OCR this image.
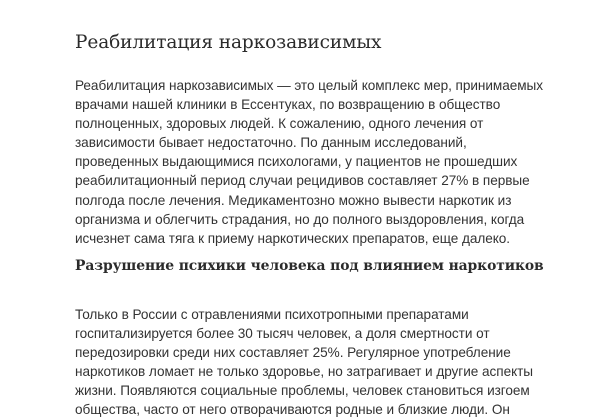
Реабилитация наркозависимых

Реабилитация наркозависимых — это целый комплекс мер, принимаемых врачами нашей клиники в Ессентуках, по возвращению в общество полноценных, здоровых людей. К сожалению, одного лечения от зависимости бывает недостаточно. По данным исследований, проведенных выдающимися психологами, у пациентов не прошедших реабилитационный период случаи рецидивов составляет 27% в первые полгода после лечения. Медикаментозно можно вывести наркотик из организма и облегчить страдания, но до полного выздоровления, когда исчезнет сама тяга к приему наркотических препаратов, еще далеко.

Разрушение психики человека под влиянием наркотиков

Только в России с отравлениями психотропными препаратами госпитализируется более 30 тысяч человек, а доля смертности от передозировки среди них составляет 25%. Регулярное употребление наркотиков ломает не только здоровье, но затрагивает и другие аспекты жизни. Появляются социальные проблемы, человек становиться изгоем общества, часто от него отворачиваются родные и близкие люди. Он
